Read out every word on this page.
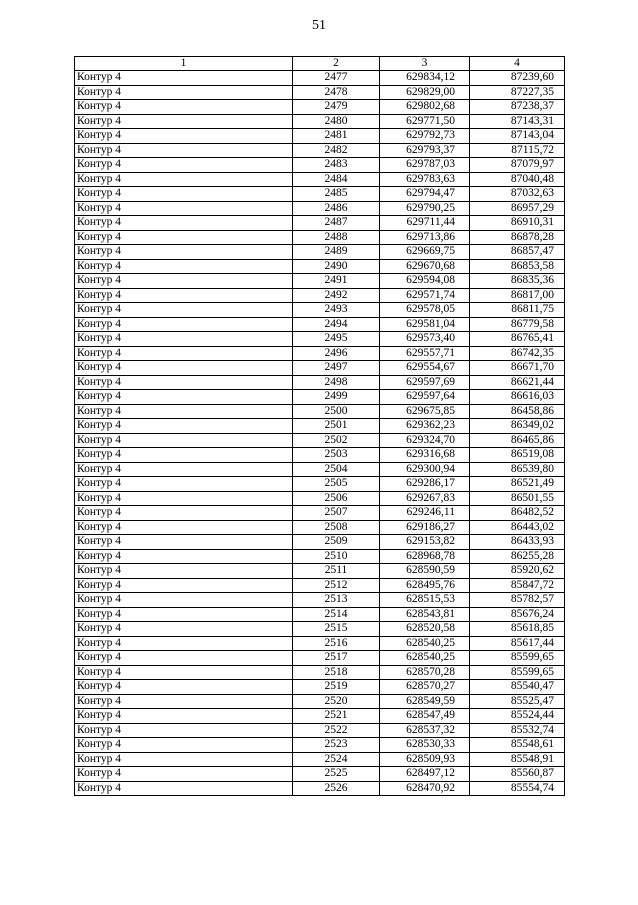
51
1	2	3	4
Контур 4	2477	629834,12	87239,60
Контур 4	2478	629829,00	87227,35
Контур 4	2479	629802,68	87238,37
Контур 4	2480	629771,50	87143,31
Контур 4	2481	629792,73	87143,04
Контур 4	2482	629793,37	87115,72
Контур 4	2483	629787,03	87079,97
Контур 4	2484	629783,63	87040,48
Контур 4	2485	629794,47	87032,63
Контур 4	2486	629790,25	86957,29
Контур 4	2487	629711,44	86910,31
Контур 4	2488	629713,86	86878,28
Контур 4	2489	629669,75	86857,47
Контур 4	2490	629670,68	86853,58
Контур 4	2491	629594,08	86835,36
Контур 4	2492	629571,74	86817,00
Контур 4	2493	629578,05	86811,75
Контур 4	2494	629581,04	86779,58
Контур 4	2495	629573,40	86765,41
Контур 4	2496	629557,71	86742,35
Контур 4	2497	629554,67	86671,70
Контур 4	2498	629597,69	86621,44
Контур 4	2499	629597,64	86616,03
Контур 4	2500	629675,85	86458,86
Контур 4	2501	629362,23	86349,02
Контур 4	2502	629324,70	86465,86
Контур 4	2503	629316,68	86519,08
Контур 4	2504	629300,94	86539,80
Контур 4	2505	629286,17	86521,49
Контур 4	2506	629267,83	86501,55
Контур 4	2507	629246,11	86482,52
Контур 4	2508	629186,27	86443,02
Контур 4	2509	629153,82	86433,93
Контур 4	2510	628968,78	86255,28
Контур 4	2511	628590,59	85920,62
Контур 4	2512	628495,76	85847,72
Контур 4	2513	628515,53	85782,57
Контур 4	2514	628543,81	85676,24
Контур 4	2515	628520,58	85618,85
Контур 4	2516	628540,25	85617,44
Контур 4	2517	628540,25	85599,65
Контур 4	2518	628570,28	85599,65
Контур 4	2519	628570,27	85540,47
Контур 4	2520	628549,59	85525,47
Контур 4	2521	628547,49	85524,44
Контур 4	2522	628537,32	85532,74
Контур 4	2523	628530,33	85548,61
Контур 4	2524	628509,93	85548,91
Контур 4	2525	628497,12	85560,87
Контур 4	2526	628470,92	85554,74
